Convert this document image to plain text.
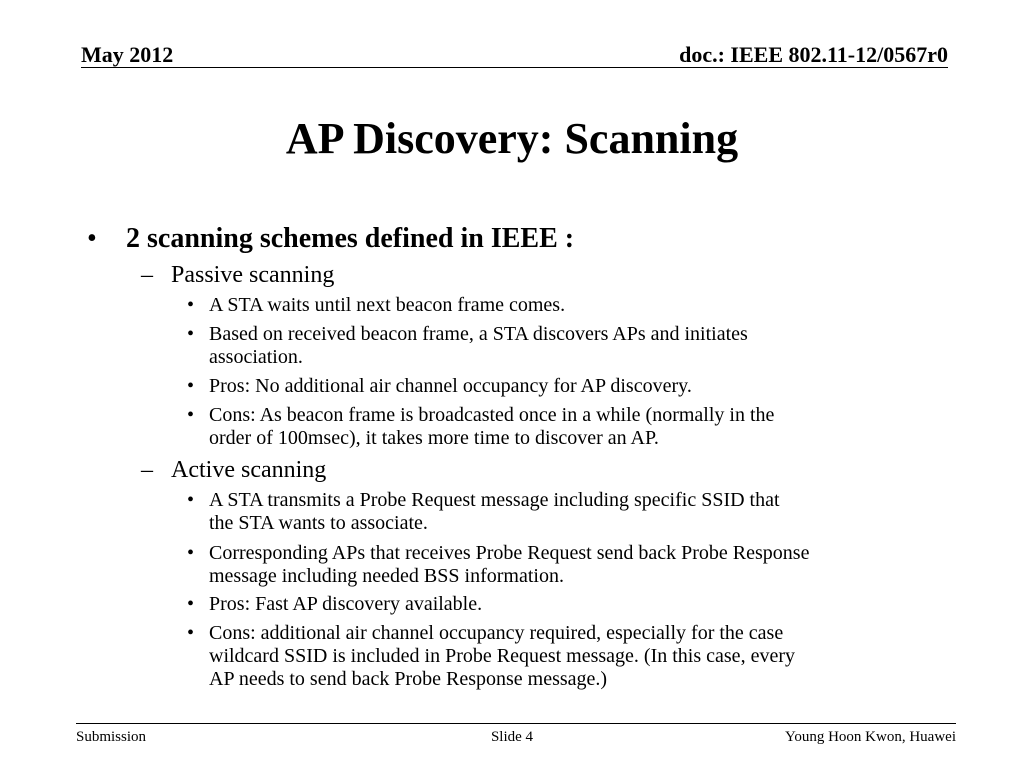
May 2012	doc.: IEEE 802.11-12/0567r0
AP Discovery: Scanning
• 2 scanning schemes defined in IEEE :
– Passive scanning
• A STA waits until next beacon frame comes.
• Based on received beacon frame, a STA discovers APs and initiates
association.
• Pros: No additional air channel occupancy for AP discovery.
• Cons: As beacon frame is broadcasted once in a while (normally in the
order of 100msec), it takes more time to discover an AP.
– Active scanning
• A STA transmits a Probe Request message including specific SSID that
the STA wants to associate.
• Corresponding APs that receives Probe Request send back Probe Response
message including needed BSS information.
• Pros: Fast AP discovery available.
• Cons: additional air channel occupancy required, especially for the case
wildcard SSID is included in Probe Request message. (In this case, every
AP needs to send back Probe Response message.)
Submission	Slide 4	Young Hoon Kwon, Huawei
